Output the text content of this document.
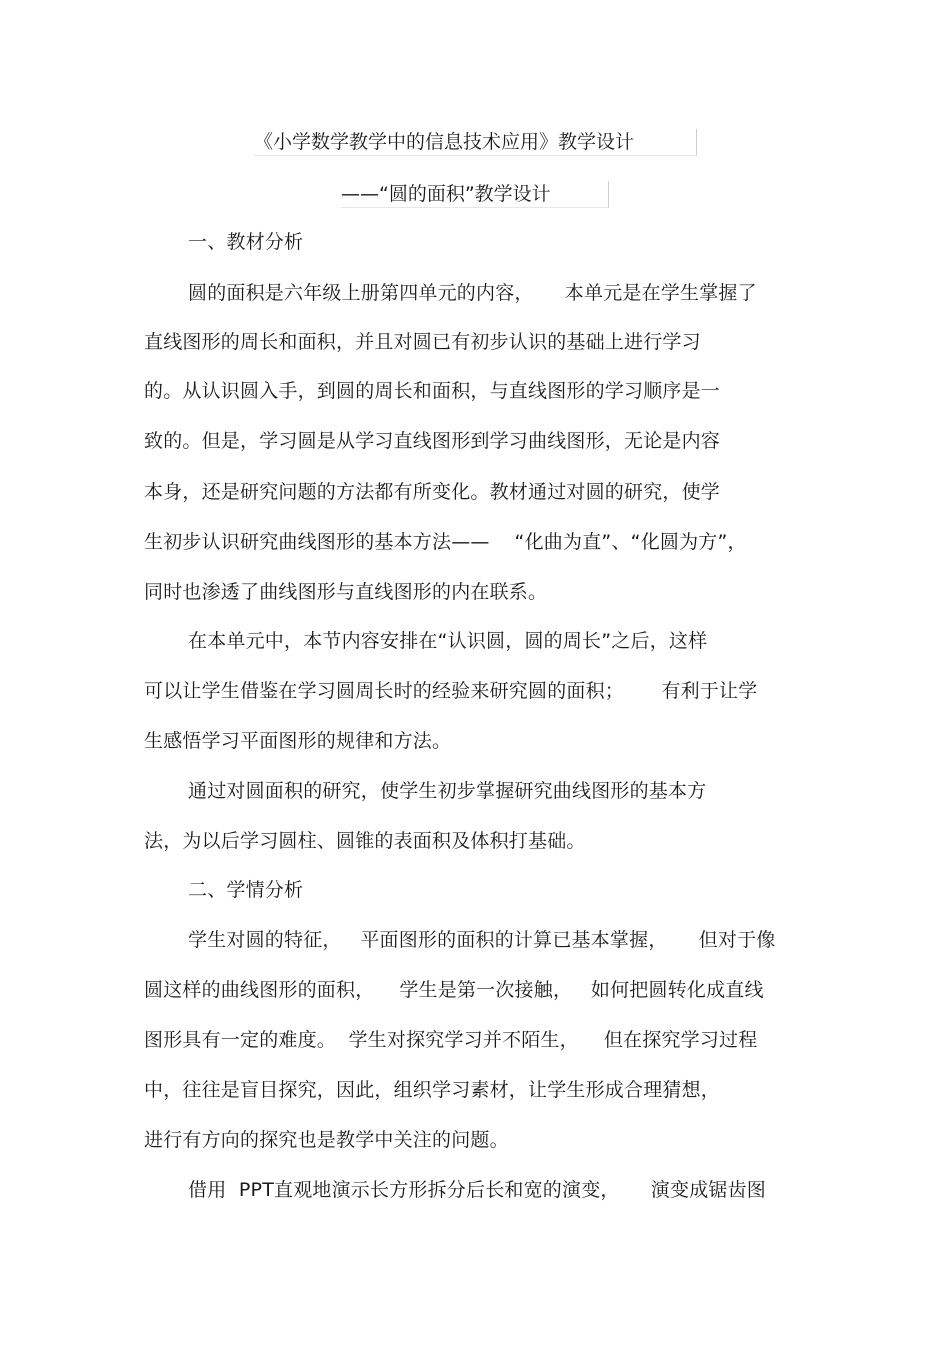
《小学数学教学中的信息技术应用》教学设计
——“圆的面积”教学设计
一、教材分析
圆的面积是六年级上册第四单元的内容，     本单元是在学生掌握了
直线图形的周长和面积，并且对圆已有初步认识的基础上进行学习
的。从认识圆入手，到圆的周长和面积，与直线图形的学习顺序是一
致的。但是，学习圆是从学习直线图形到学习曲线图形，无论是内容
本身，还是研究问题的方法都有所变化。教材通过对圆的研究，使学
生初步认识研究曲线图形的基本方法——    “化曲为直”、“化圆为方”，
同时也渗透了曲线图形与直线图形的内在联系。
在本单元中，本节内容安排在“认识圆，圆的周长”之后，这样
可以让学生借鉴在学习圆周长时的经验来研究圆的面积；      有利于让学
生感悟学习平面图形的规律和方法。
通过对圆面积的研究，使学生初步掌握研究曲线图形的基本方
法，为以后学习圆柱、圆锥的表面积及体积打基础。
二、学情分析
学生对圆的特征，   平面图形的面积的计算已基本掌握，     但对于像
圆这样的曲线图形的面积，    学生是第一次接触，   如何把圆转化成直线
图形具有一定的难度。  学生对探究学习并不陌生，    但在探究学习过程
中，往往是盲目探究，因此，组织学习素材，让学生形成合理猜想，
进行有方向的探究也是教学中关注的问题。
借用  PPT直观地演示长方形拆分后长和宽的演变，     演变成锯齿图
